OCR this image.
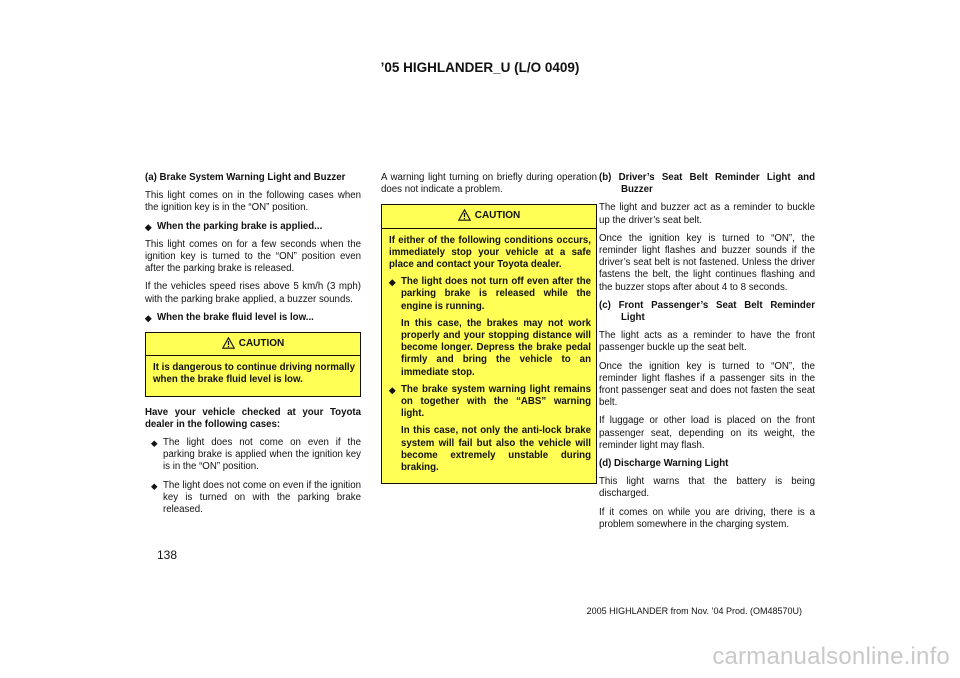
’05 HIGHLANDER_U (L/O 0409)

(a) Brake System Warning Light and Buzzer

This light comes on in the following cases when the ignition key is in the “ON” position.

◆ When the parking brake is applied...

This light comes on for a few seconds when the ignition key is turned to the “ON” position even after the parking brake is released.

If the vehicles speed rises above 5 km/h (3 mph) with the parking brake applied, a buzzer sounds.

◆ When the brake fluid level is low...

CAUTION

It is dangerous to continue driving normally when the brake fluid level is low.

Have your vehicle checked at your Toyota dealer in the following cases:

◆ The light does not come on even if the parking brake is applied when the ignition key is in the “ON” position.

◆ The light does not come on even if the ignition key is turned on with the parking brake released.

A warning light turning on briefly during operation does not indicate a problem.

CAUTION

If either of the following conditions occurs, immediately stop your vehicle at a safe place and contact your Toyota dealer.

◆ The light does not turn off even after the parking brake is released while the engine is running.

In this case, the brakes may not work properly and your stopping distance will become longer. Depress the brake pedal firmly and bring the vehicle to an immediate stop.

◆ The brake system warning light remains on together with the “ABS” warning light.

In this case, not only the anti-lock brake system will fail but also the vehicle will become extremely unstable during braking.

(b) Driver’s Seat Belt Reminder Light and Buzzer

The light and buzzer act as a reminder to buckle up the driver’s seat belt.

Once the ignition key is turned to “ON”, the reminder light flashes and buzzer sounds if the driver’s seat belt is not fastened. Unless the driver fastens the belt, the light continues flashing and the buzzer stops after about 4 to 8 seconds.

(c) Front Passenger’s Seat Belt Reminder Light

The light acts as a reminder to have the front passenger buckle up the seat belt.

Once the ignition key is turned to “ON”, the reminder light flashes if a passenger sits in the front passenger seat and does not fasten the seat belt.

If luggage or other load is placed on the front passenger seat, depending on its weight, the reminder light may flash.

(d) Discharge Warning Light

This light warns that the battery is being discharged.

If it comes on while you are driving, there is a problem somewhere in the charging system.

138
2005 HIGHLANDER from Nov. ’04 Prod. (OM48570U)
carmanualsonline.info
